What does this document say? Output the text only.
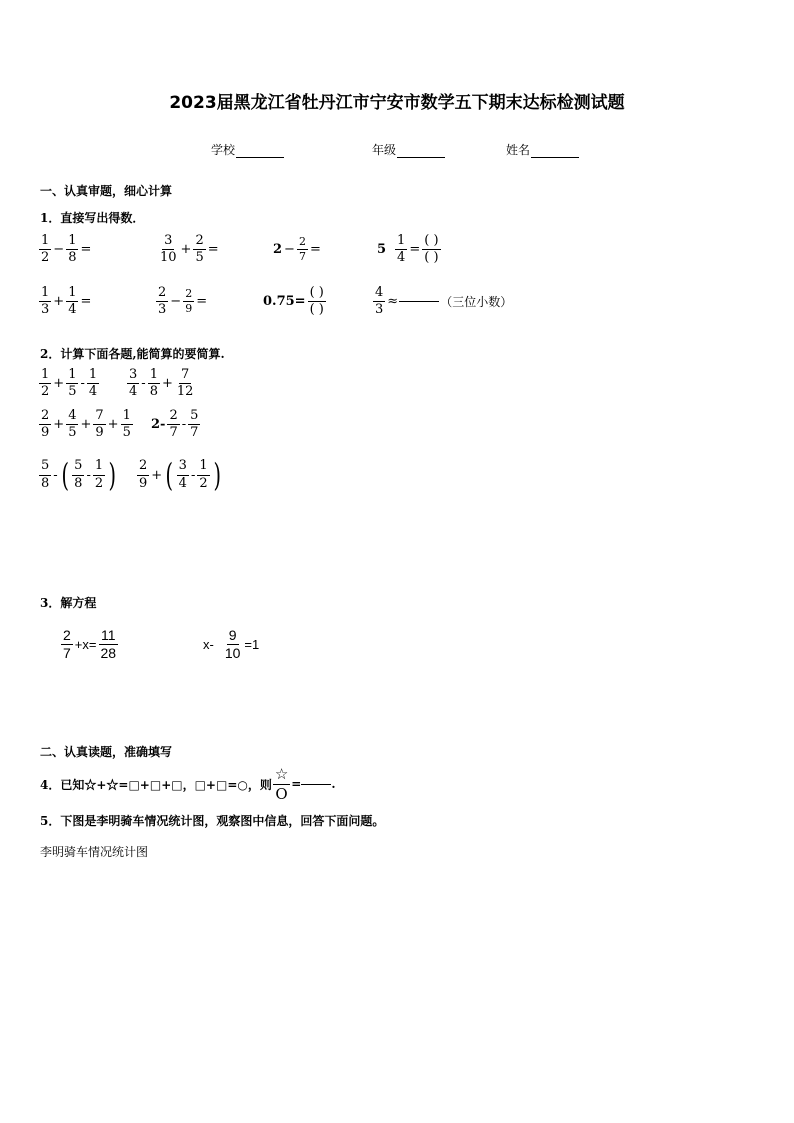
2023届黑龙江省牡丹江市宁安市数学五下期末达标检测试题
学校	年级	姓名
一、认真审题，细心计算
1．直接写出得数．
$\frac{1}{2} - \frac{1}{8}$ =	$\frac{3}{10} + \frac{2}{5}$ =	$2 - \frac{2}{7}$ =	$5 \frac{1}{4} = \frac{( )}{( )}$
$\frac{1}{3} + \frac{1}{4}$ =	$\frac{2}{3} - \frac{2}{9}$ =	$0.75= \frac{( )}{( )}$	$\frac{4}{3}$ ≈	（三位小数）
2．计算下面各题,能简算的要简算.
$\frac{1}{2} + \frac{1}{5} - \frac{1}{4} \frac{3}{4} - \frac{1}{8} + \frac{7}{12}$
$\frac{2}{9} + \frac{4}{5} + \frac{7}{9} + \frac{1}{5} 2- \frac{2}{7} - \frac{5}{7}$
$\frac{5}{8}$ - ( $\frac{5}{8} - \frac{1}{2}$ ) $\frac{2}{9}$ + ( $\frac{3}{4} - \frac{1}{2}$ )
3．解方程
$\frac{2}{7} +x= \frac{11}{28}$	$x- \frac{9}{10} =1$
二、认真读题，准确填写
4．已知☆+☆=□+□+□，□+□=○，则 $\frac{☆}{O}$ =	.
5．下图是李明骑车情况统计图，观察图中信息，回答下面问题。
李明骑车情况统计图
